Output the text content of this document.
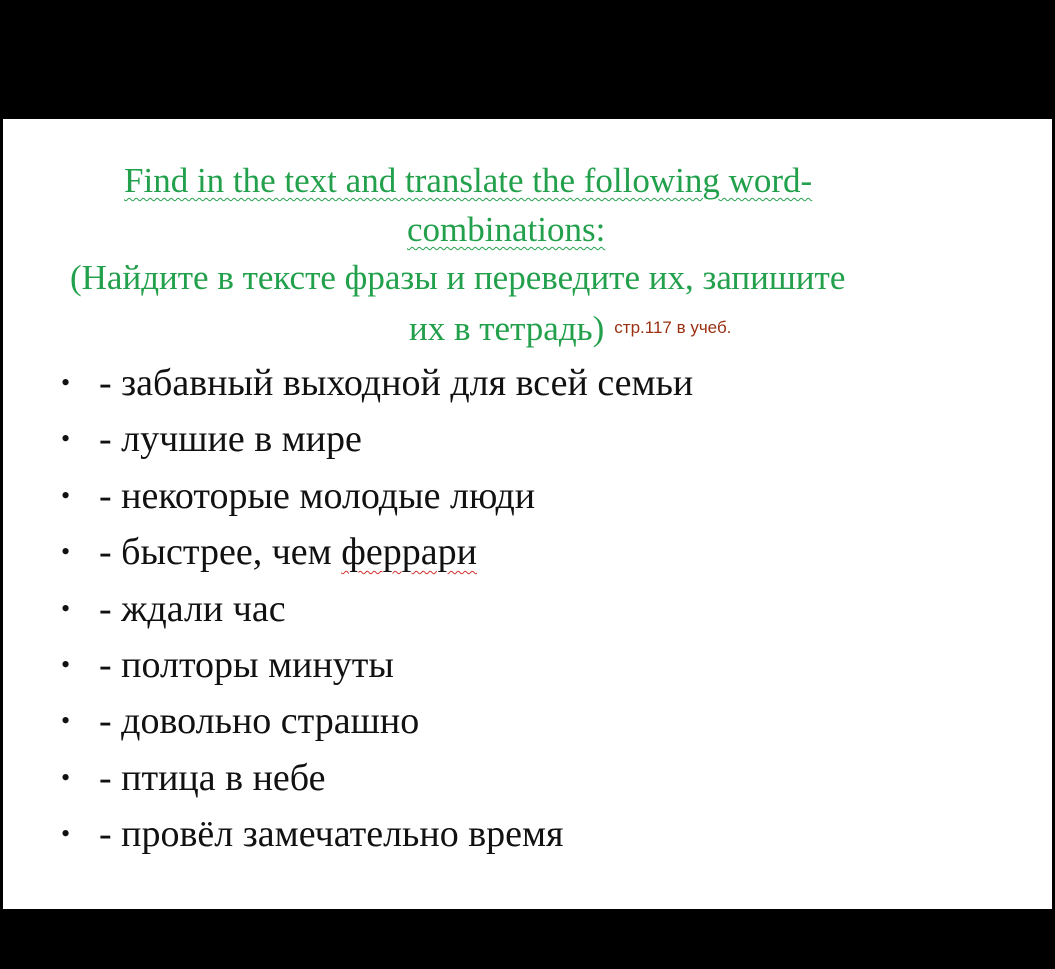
Find in the text and translate the following word-
combinations:
(Найдите в тексте фразы и переведите их, запишите
их в тетрадь) $^{стр.117 в учеб.}$
• - забавный выходной для всей семьи
• - лучшие в мире
• - некоторые молодые люди
• - быстрее, чем феррари
• - ждали час
• - полторы минуты
• - довольно страшно
• - птица в небе
• - провёл замечательно время
